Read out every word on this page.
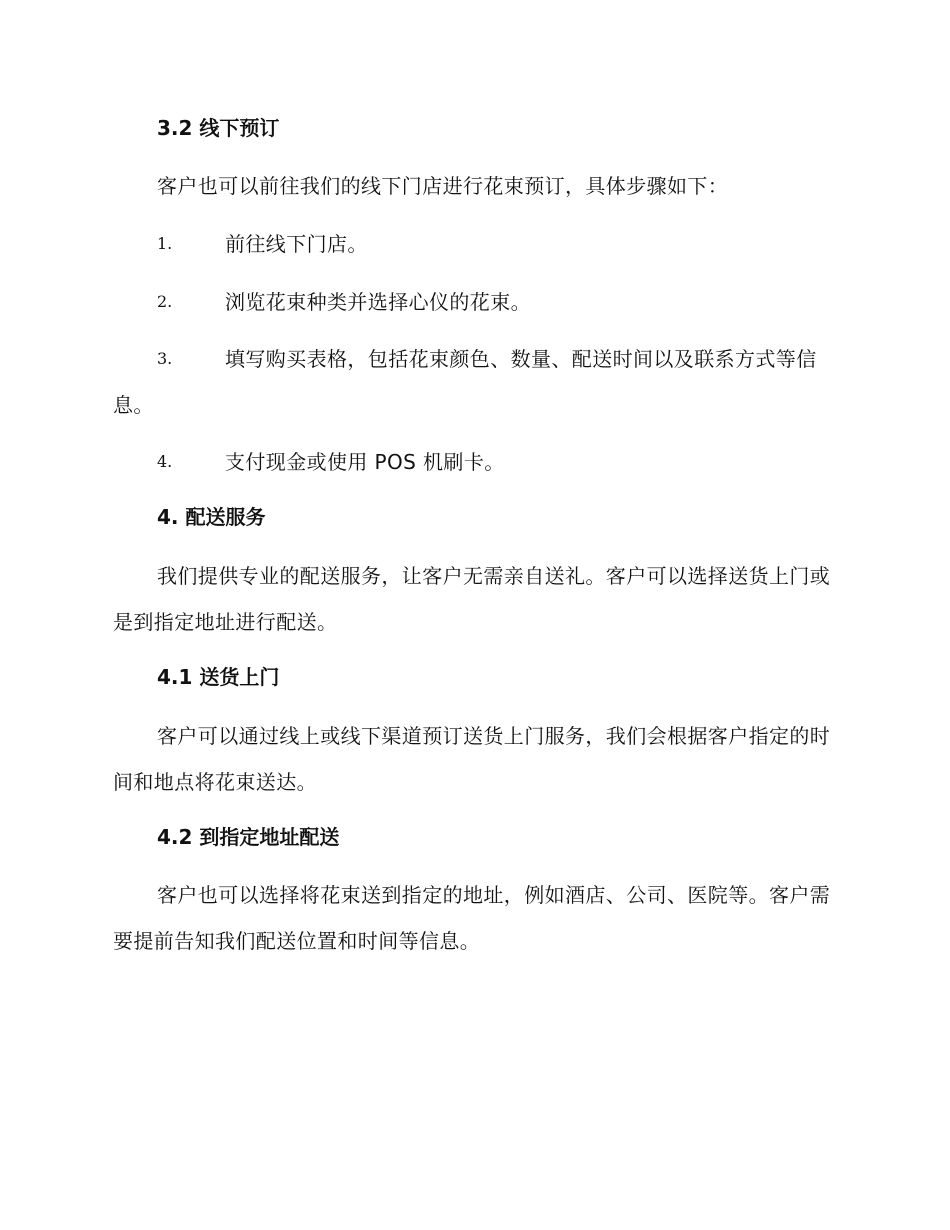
3.2 线下预订
客户也可以前往我们的线下门店进行花束预订，具体步骤如下：
1.	前往线下门店。
2.	浏览花束种类并选择心仪的花束。
3.	填写购买表格，包括花束颜色、数量、配送时间以及联系方式等信息。
4.	支付现金或使用 POS 机刷卡。
4. 配送服务
我们提供专业的配送服务，让客户无需亲自送礼。客户可以选择送货上门或是到指定地址进行配送。
4.1 送货上门
客户可以通过线上或线下渠道预订送货上门服务，我们会根据客户指定的时间和地点将花束送达。
4.2 到指定地址配送
客户也可以选择将花束送到指定的地址，例如酒店、公司、医院等。客户需要提前告知我们配送位置和时间等信息。
